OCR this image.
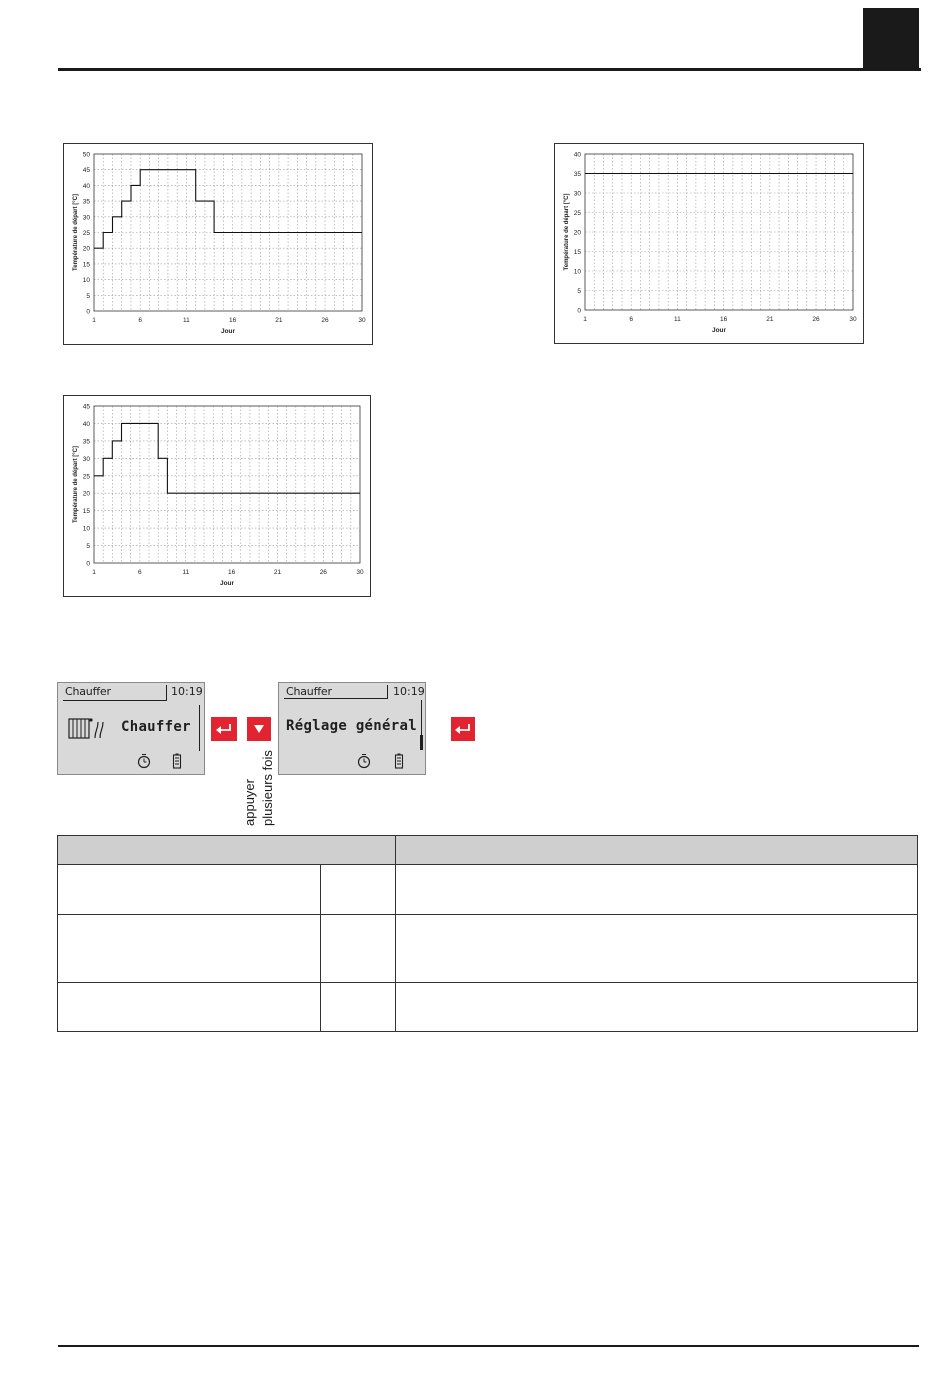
0
5
10
15
20
25
30
35
40
45
50
1	6	11	16	21	26	30
Jour
Température de départ [°C]
0
5
10
15
20
25
30
35
40
1	6	11	16	21	26	30
Jour
Température de départ [°C]
0
5
10
15
20
25
30
35
40
45
1	6	11	16	21	26	30
Jour
Température de départ [°C]
Chauffer	10:19
Chauffer
appuyer plusieurs fois
Chauffer	10:19
Réglage général
